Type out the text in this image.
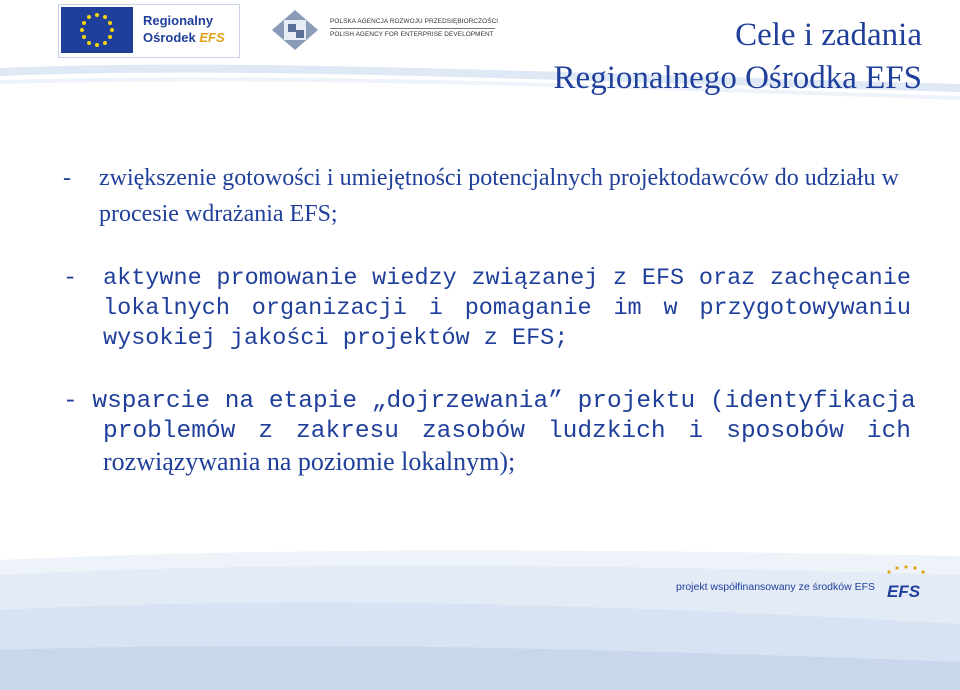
Regionalny
Ośrodek EFS
POLSKA AGENCJA ROZWOJU PRZEDSIĘBIORCZOŚCI
POLISH AGENCY FOR ENTERPRISE DEVELOPMENT	Cele i zadania
Regionalnego Ośrodka EFS
- zwiększenie gotowości i umiejętności potencjalnych projektodawców do udziału w procesie wdrażania EFS;
-	aktywne promowanie wiedzy związanej z EFS oraz zachęcanie lokalnych organizacji i pomaganie im w przygotowywaniu wysokiej jakości projektów z EFS;
- wsparcie na etapie „dojrzewania” projektu (identyfikacja
problemów z zakresu zasobów ludzkich i sposobów ich
rozwiązywania na poziomie lokalnym);
projekt współfinansowany ze środków EFS EFS
